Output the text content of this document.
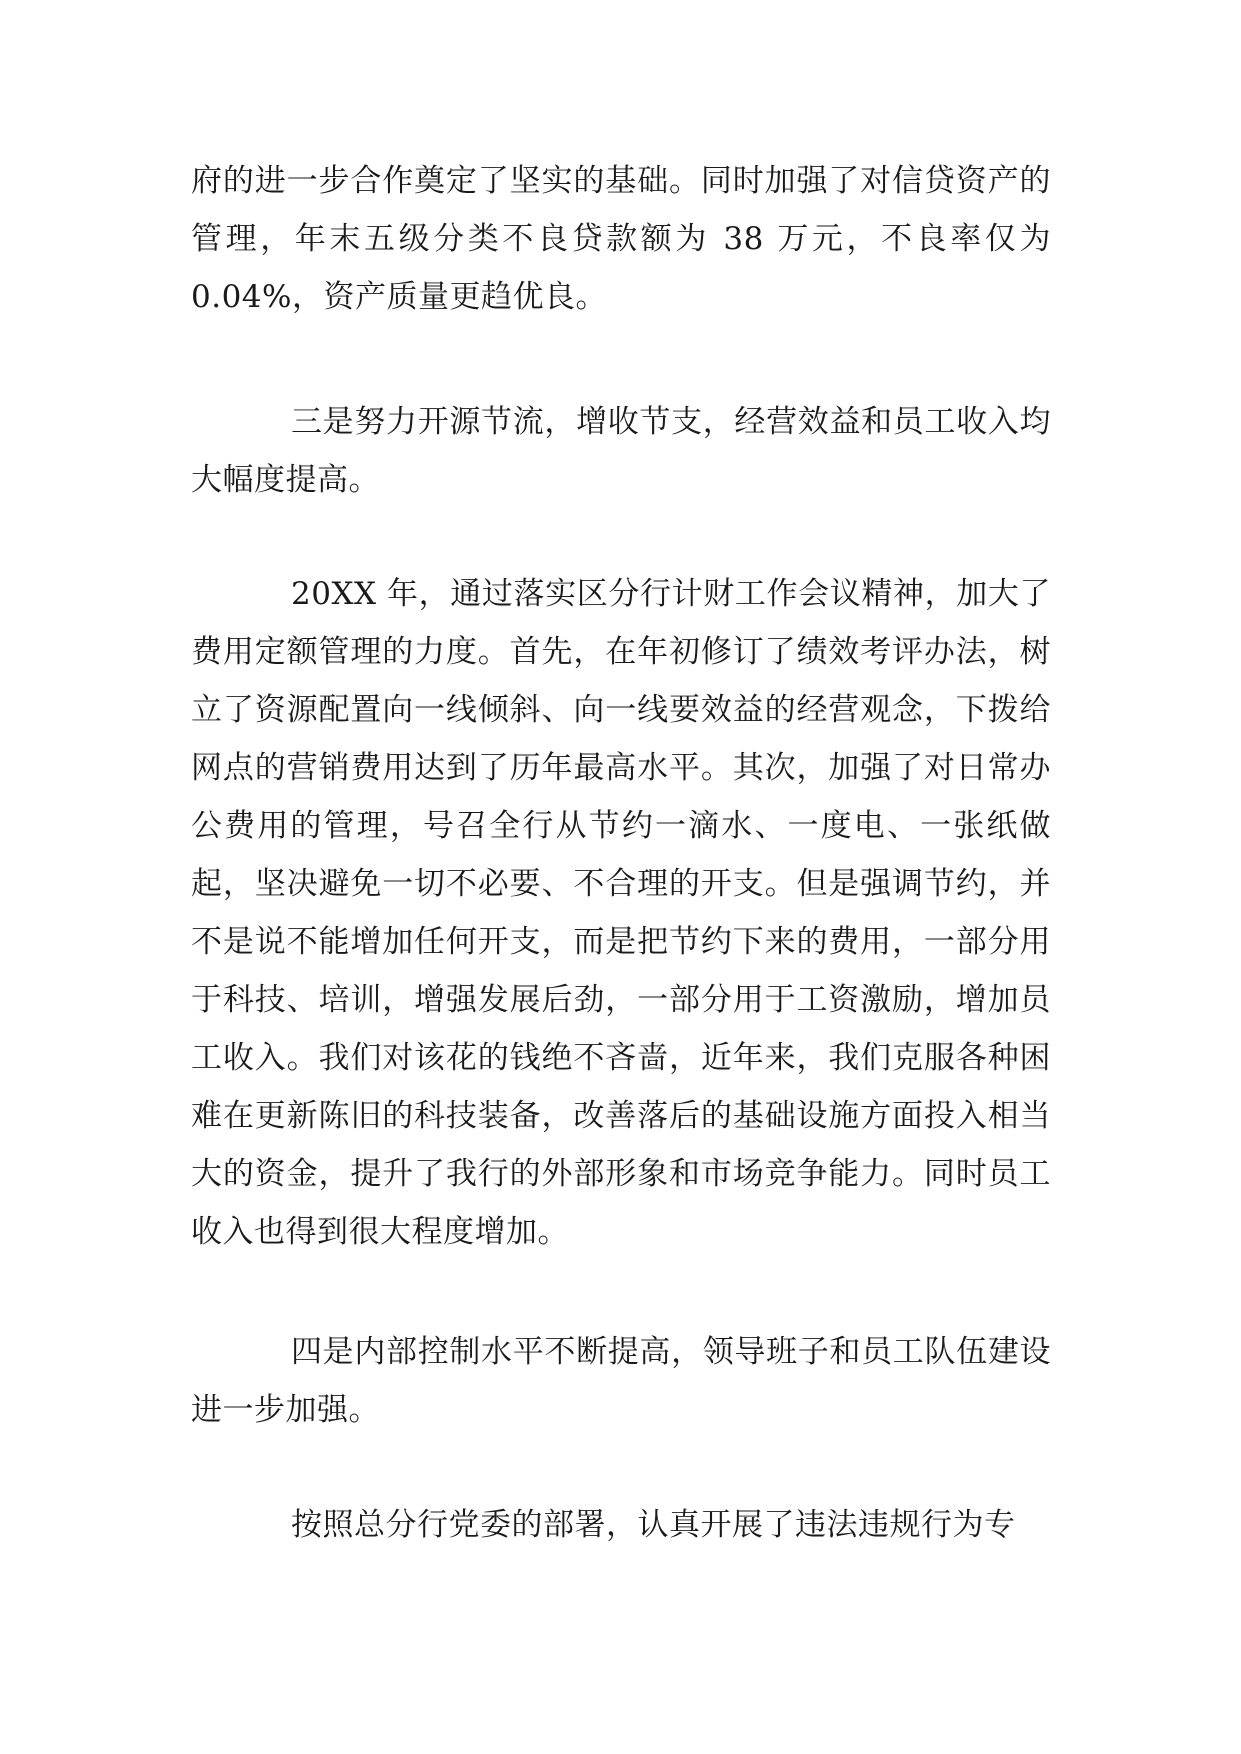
府的进一步合作奠定了坚实的基础。同时加强了对信贷资产的管理，年末五级分类不良贷款额为 38 万元，不良率仅为 0.04%，资产质量更趋优良。

三是努力开源节流，增收节支，经营效益和员工收入均大幅度提高。

20XX 年，通过落实区分行计财工作会议精神，加大了费用定额管理的力度。首先，在年初修订了绩效考评办法，树立了资源配置向一线倾斜、向一线要效益的经营观念，下拨给网点的营销费用达到了历年最高水平。其次，加强了对日常办公费用的管理，号召全行从节约一滴水、一度电、一张纸做起，坚决避免一切不必要、不合理的开支。但是强调节约，并不是说不能增加任何开支，而是把节约下来的费用，一部分用于科技、培训，增强发展后劲，一部分用于工资激励，增加员工收入。我们对该花的钱绝不吝啬，近年来，我们克服各种困难在更新陈旧的科技装备，改善落后的基础设施方面投入相当大的资金，提升了我行的外部形象和市场竞争能力。同时员工收入也得到很大程度增加。

四是内部控制水平不断提高，领导班子和员工队伍建设进一步加强。

按照总分行党委的部署，认真开展了违法违规行为专
